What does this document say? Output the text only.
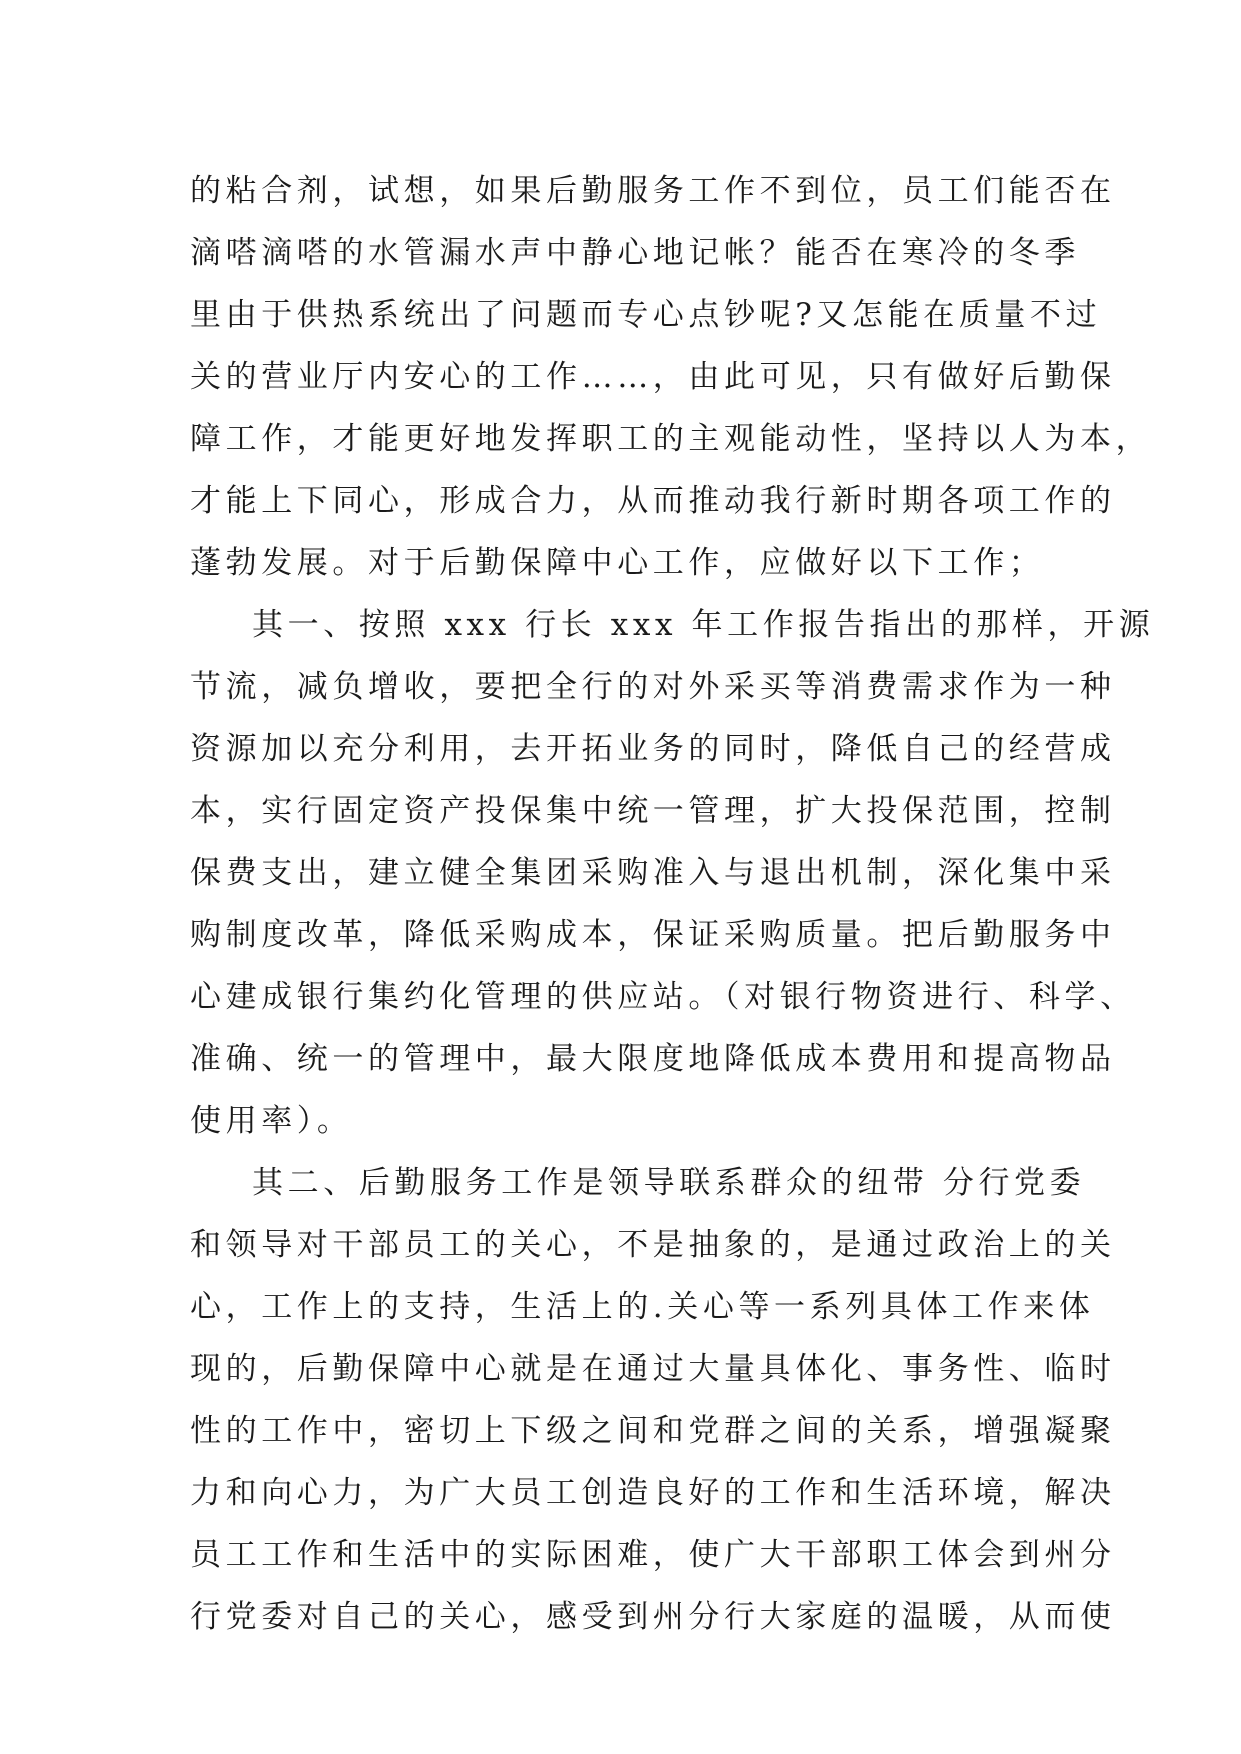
的粘合剂，试想，如果后勤服务工作不到位，员工们能否在
滴嗒滴嗒的水管漏水声中静心地记帐？能否在寒冷的冬季
里由于供热系统出了问题而专心点钞呢?又怎能在质量不过
关的营业厅内安心的工作……，由此可见，只有做好后勤保
障工作，才能更好地发挥职工的主观能动性，坚持以人为本，
才能上下同心，形成合力，从而推动我行新时期各项工作的
蓬勃发展。对于后勤保障中心工作，应做好以下工作；
其一、按照 xxx 行长 xxx 年工作报告指出的那样，开源
节流，减负增收，要把全行的对外采买等消费需求作为一种
资源加以充分利用，去开拓业务的同时，降低自己的经营成
本，实行固定资产投保集中统一管理，扩大投保范围，控制
保费支出，建立健全集团采购准入与退出机制，深化集中采
购制度改革，降低采购成本，保证采购质量。把后勤服务中
心建成银行集约化管理的供应站。（对银行物资进行、科学、
准确、统一的管理中，最大限度地降低成本费用和提高物品
使用率）。
其二、后勤服务工作是领导联系群众的纽带 分行党委
和领导对干部员工的关心，不是抽象的，是通过政治上的关
心，工作上的支持，生活上的.关心等一系列具体工作来体
现的，后勤保障中心就是在通过大量具体化、事务性、临时
性的工作中，密切上下级之间和党群之间的关系，增强凝聚
力和向心力，为广大员工创造良好的工作和生活环境，解决
员工工作和生活中的实际困难，使广大干部职工体会到州分
行党委对自己的关心，感受到州分行大家庭的温暖，从而使
